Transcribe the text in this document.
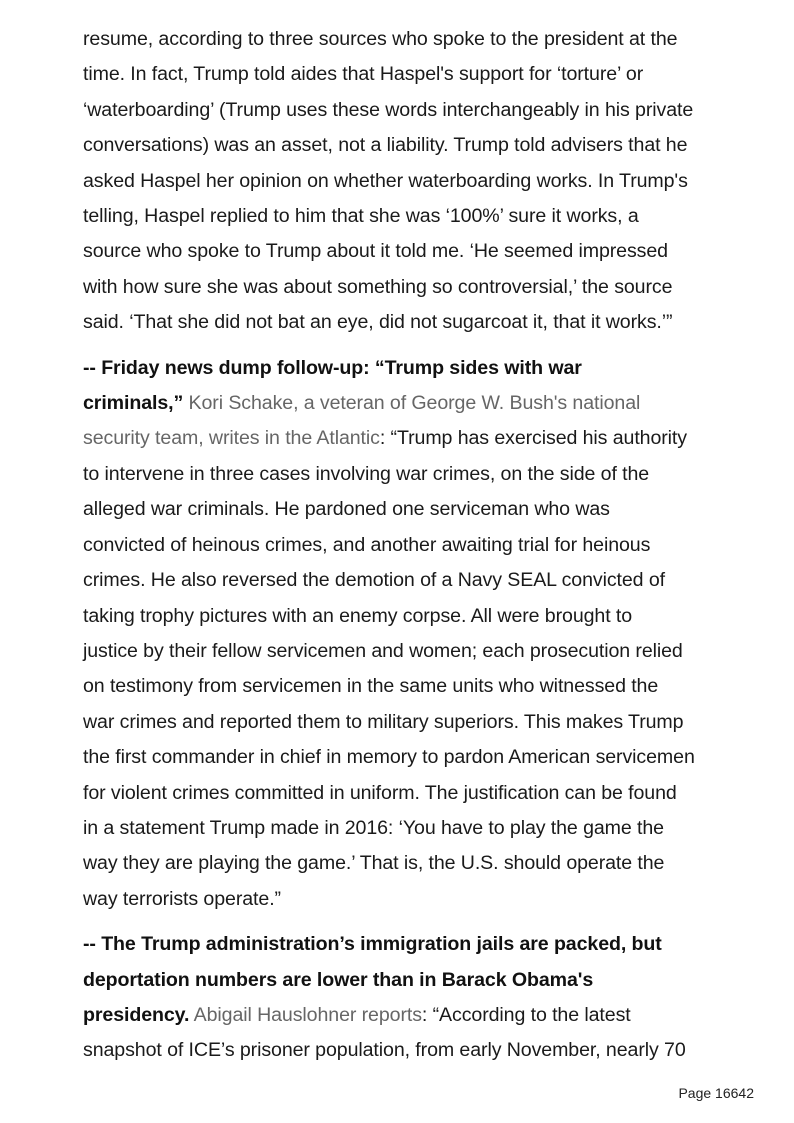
resume, according to three sources who spoke to the president at the
time. In fact, Trump told aides that Haspel's support for ‘torture’ or
‘waterboarding’ (Trump uses these words interchangeably in his private
conversations) was an asset, not a liability. Trump told advisers that he
asked Haspel her opinion on whether waterboarding works. In Trump's
telling, Haspel replied to him that she was ‘100%’ sure it works, a
source who spoke to Trump about it told me. ‘He seemed impressed
with how sure she was about something so controversial,’ the source
said. ‘That she did not bat an eye, did not sugarcoat it, that it works.’”

-- Friday news dump follow-up: “Trump sides with war
criminals,” Kori Schake, a veteran of George W. Bush's national
security team, writes in the Atlantic: “Trump has exercised his authority
to intervene in three cases involving war crimes, on the side of the
alleged war criminals. He pardoned one serviceman who was
convicted of heinous crimes, and another awaiting trial for heinous
crimes. He also reversed the demotion of a Navy SEAL convicted of
taking trophy pictures with an enemy corpse. All were brought to
justice by their fellow servicemen and women; each prosecution relied
on testimony from servicemen in the same units who witnessed the
war crimes and reported them to military superiors. This makes Trump
the first commander in chief in memory to pardon American servicemen
for violent crimes committed in uniform. The justification can be found
in a statement Trump made in 2016: ‘You have to play the game the
way they are playing the game.’ That is, the U.S. should operate the
way terrorists operate.”

-- The Trump administration’s immigration jails are packed, but
deportation numbers are lower than in Barack Obama's
presidency. Abigail Hauslohner reports: “According to the latest
snapshot of ICE’s prisoner population, from early November, nearly 70

Page 16642
